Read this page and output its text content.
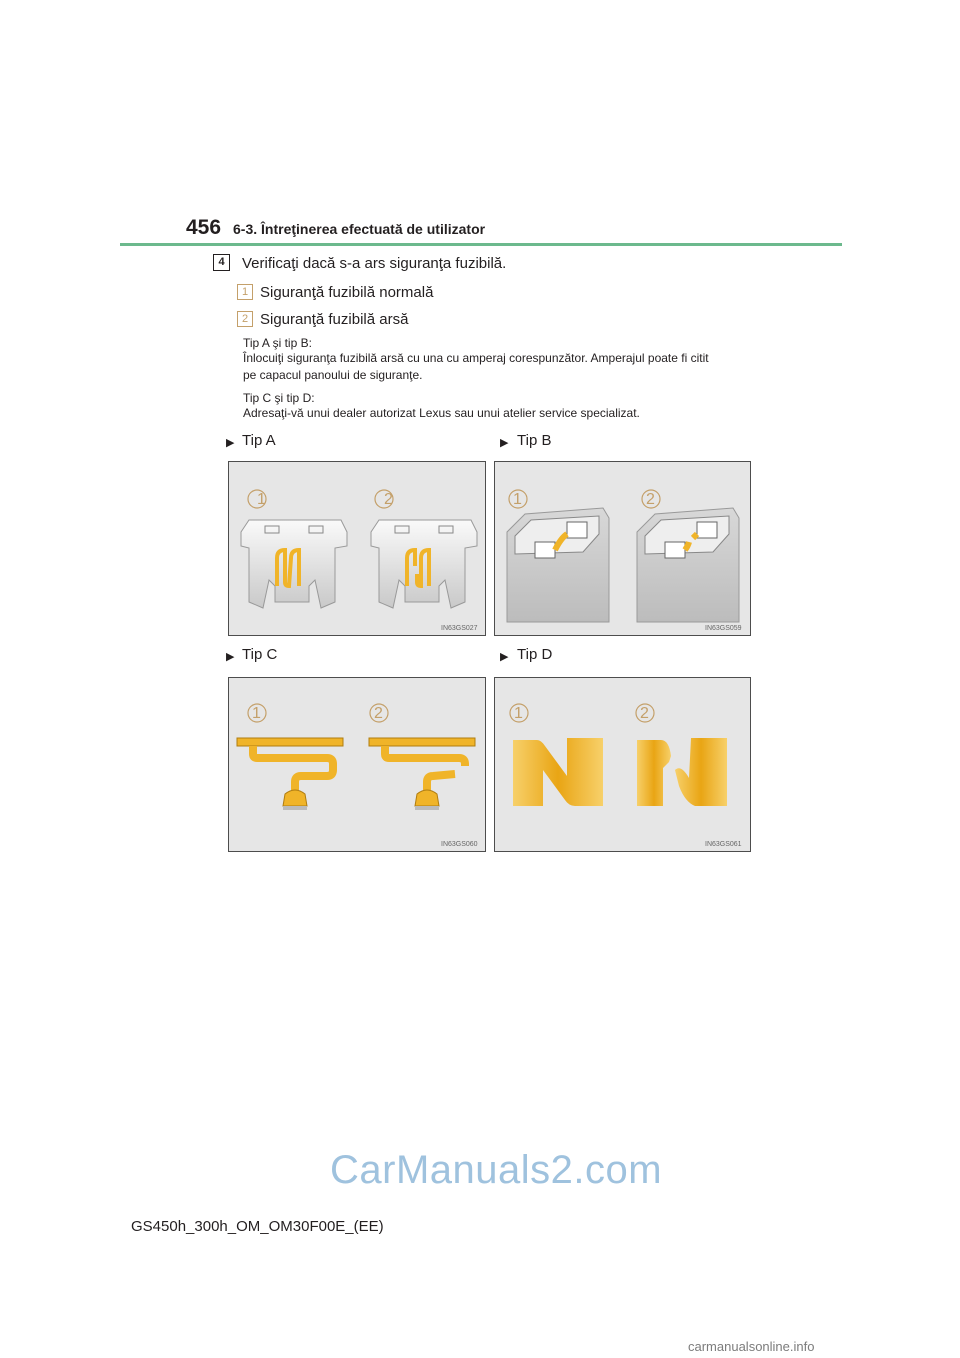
456 6-3. Întreţinerea efectuată de utilizator
4	Verificaţi dacă s-a ars siguranţa fuzibilă.
1 Siguranţă fuzibilă normală
2 Siguranţă fuzibilă arsă
Tip A şi tip B:
Înlocuiţi siguranţa fuzibilă arsă cu una cu amperaj corespunzător. Amperajul poate fi citit
pe capacul panoului de siguranţe.
Tip C şi tip D:
Adresaţi-vă unui dealer autorizat Lexus sau unui atelier service specializat.
▶ Tip A	▶ Tip B
▶ Tip C	▶ Tip D
1	2
IN63GS027
1	2
IN63GS059
1	2
IN63GS060
1	2
IN63GS061
CarManuals2.com
GS450h_300h_OM_OM30F00E_(EE)
carmanualsonline.info
